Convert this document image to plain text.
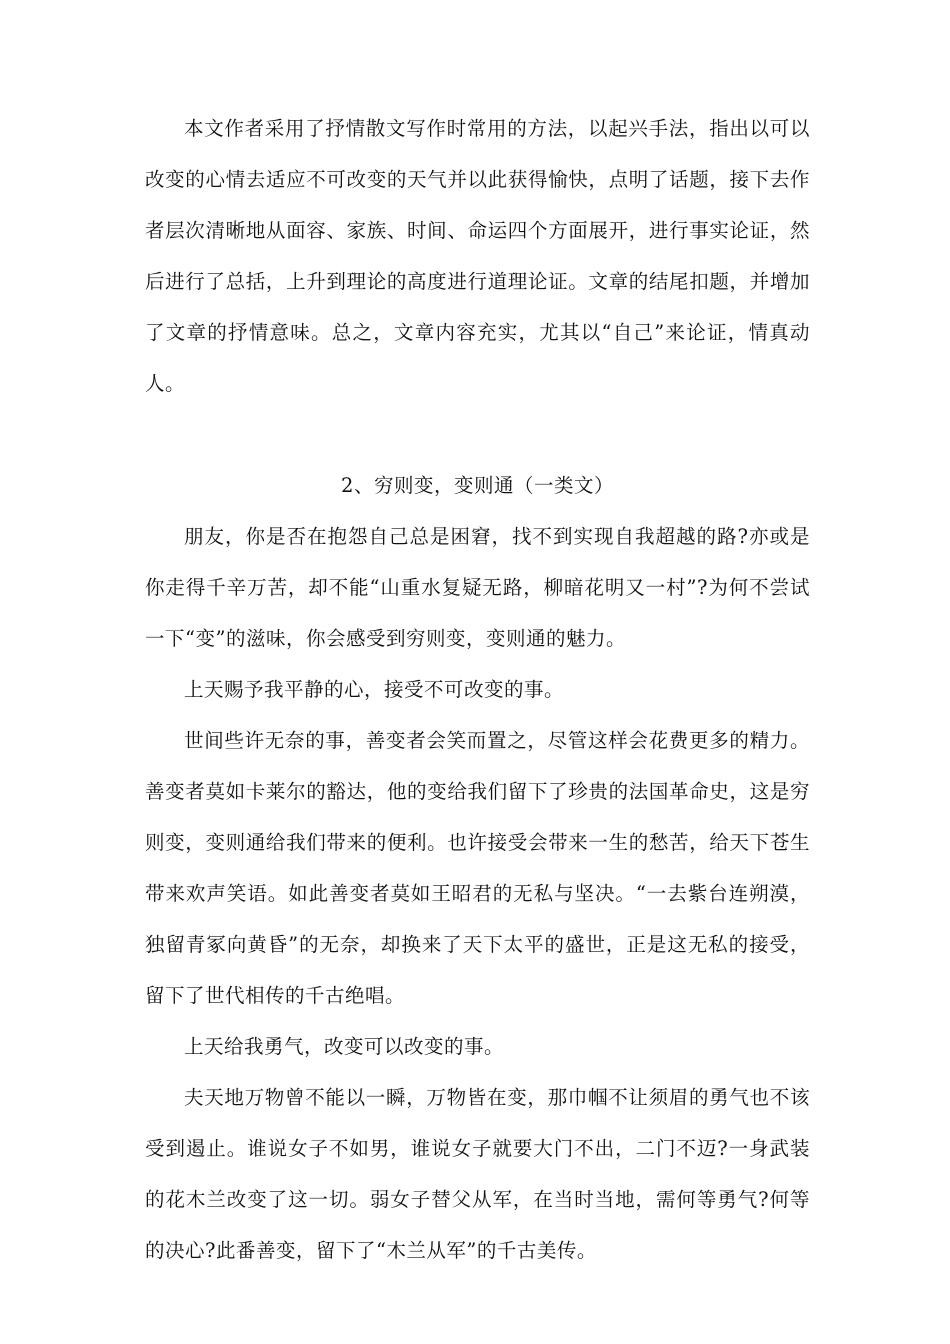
本文作者采用了抒情散文写作时常用的方法，以起兴手法，指出以可以改变的心情去适应不可改变的天气并以此获得愉快，点明了话题，接下去作者层次清晰地从面容、家族、时间、命运四个方面展开，进行事实论证，然后进行了总括，上升到理论的高度进行道理论证。文章的结尾扣题，并增加了文章的抒情意味。总之，文章内容充实，尤其以“自己”来论证，情真动人。

2、穷则变，变则通（一类文）

朋友，你是否在抱怨自己总是困窘，找不到实现自我超越的路?亦或是你走得千辛万苦，却不能“山重水复疑无路，柳暗花明又一村”?为何不尝试一下“变”的滋味，你会感受到穷则变，变则通的魅力。

上天赐予我平静的心，接受不可改变的事。

世间些许无奈的事，善变者会笑而置之，尽管这样会花费更多的精力。善变者莫如卡莱尔的豁达，他的变给我们留下了珍贵的法国革命史，这是穷则变，变则通给我们带来的便利。也许接受会带来一生的愁苦，给天下苍生带来欢声笑语。如此善变者莫如王昭君的无私与坚决。“一去紫台连朔漠，独留青冢向黄昏”的无奈，却换来了天下太平的盛世，正是这无私的接受，留下了世代相传的千古绝唱。

上天给我勇气，改变可以改变的事。

夫天地万物曾不能以一瞬，万物皆在变，那巾帼不让须眉的勇气也不该受到遏止。谁说女子不如男，谁说女子就要大门不出，二门不迈?一身武装的花木兰改变了这一切。弱女子替父从军，在当时当地，需何等勇气?何等的决心?此番善变，留下了“木兰从军”的千古美传。
